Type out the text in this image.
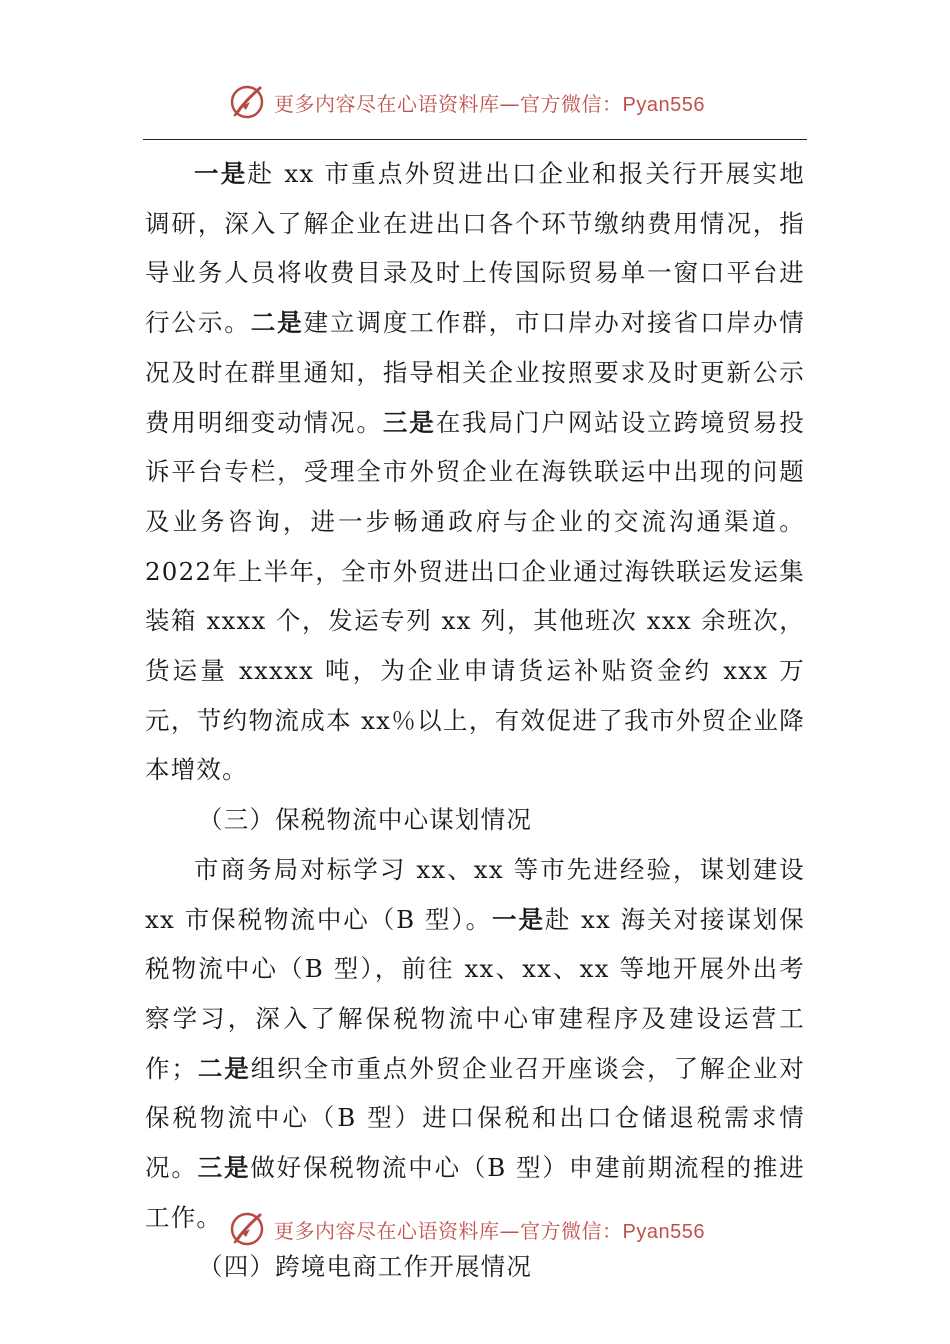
更多内容尽在心语资料库—官方微信：Pyan556

一是赴 xx 市重点外贸进出口企业和报关行开展实地调研，深入了解企业在进出口各个环节缴纳费用情况，指导业务人员将收费目录及时上传国际贸易单一窗口平台进行公示。二是建立调度工作群，市口岸办对接省口岸办情况及时在群里通知，指导相关企业按照要求及时更新公示费用明细变动情况。三是在我局门户网站设立跨境贸易投诉平台专栏，受理全市外贸企业在海铁联运中出现的问题及业务咨询，进一步畅通政府与企业的交流沟通渠道。2022年上半年，全市外贸进出口企业通过海铁联运发运集装箱 xxxx 个，发运专列 xx 列，其他班次 xxx 余班次，货运量 xxxxx 吨，为企业申请货运补贴资金约 xxx 万元，节约物流成本 xx％以上，有效促进了我市外贸企业降本增效。

（三）保税物流中心谋划情况

市商务局对标学习 xx、xx 等市先进经验，谋划建设 xx 市保税物流中心（B 型）。一是赴 xx 海关对接谋划保税物流中心（B 型），前往 xx、xx、xx 等地开展外出考察学习，深入了解保税物流中心审建程序及建设运营工作；二是组织全市重点外贸企业召开座谈会，了解企业对保税物流中心（B 型）进口保税和出口仓储退税需求情况。三是做好保税物流中心（B 型）申建前期流程的推进工作。

（四）跨境电商工作开展情况

更多内容尽在心语资料库—官方微信：Pyan556
